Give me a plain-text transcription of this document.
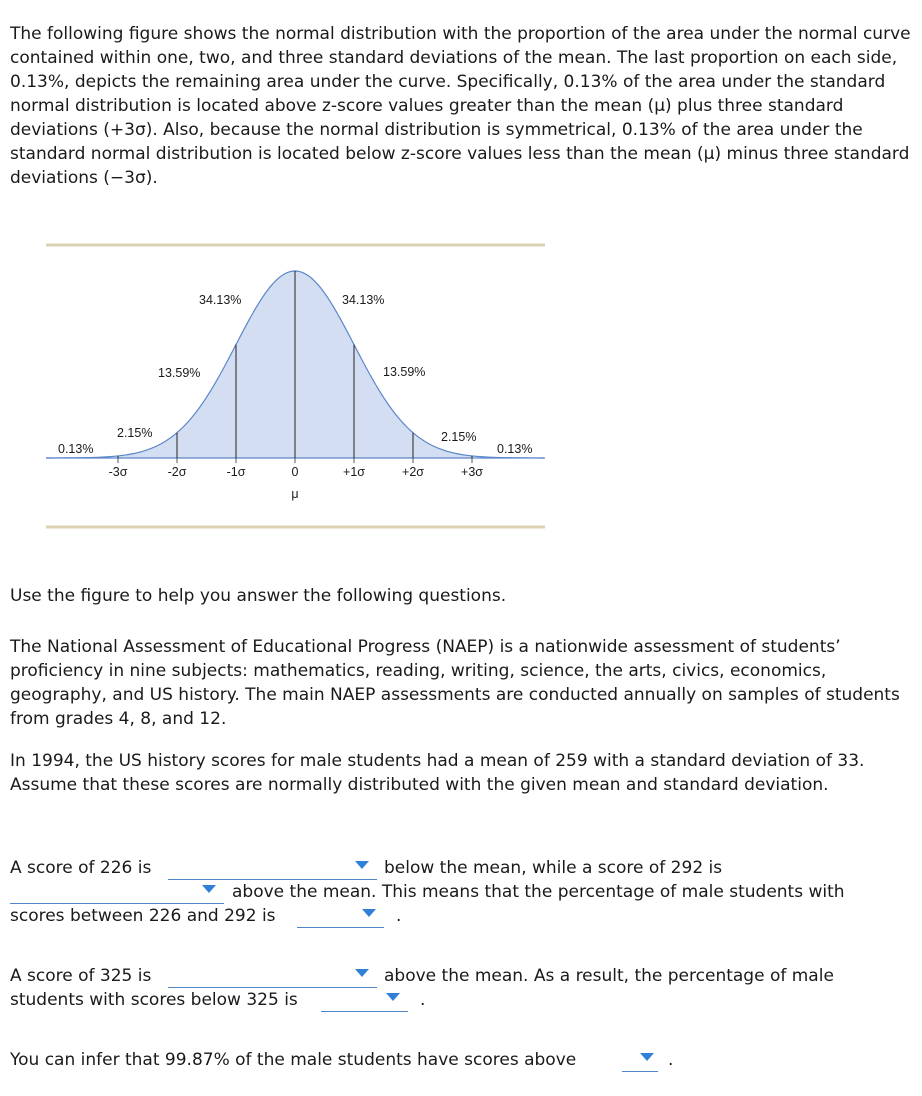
The following figure shows the normal distribution with the proportion of the area under the normal curve contained within one, two, and three standard deviations of the mean. The last proportion on each side, 0.13%, depicts the remaining area under the curve. Specifically, 0.13% of the area under the standard normal distribution is located above z-score values greater than the mean (μ) plus three standard deviations (+3σ). Also, because the normal distribution is symmetrical, 0.13% of the area under the standard normal distribution is located below z-score values less than the mean (μ) minus three standard deviations (−3σ).

0.13%
2.15%
13.59%
34.13%	34.13%
13.59%
2.15%
0.13%
-3σ	-2σ	-1σ	0	+1σ	+2σ	+3σ
μ

Use the figure to help you answer the following questions.

The National Assessment of Educational Progress (NAEP) is a nationwide assessment of students’ proficiency in nine subjects: mathematics, reading, writing, science, the arts, civics, economics, geography, and US history. The main NAEP assessments are conducted annually on samples of students from grades 4, 8, and 12.

In 1994, the US history scores for male students had a mean of 259 with a standard deviation of 33. Assume that these scores are normally distributed with the given mean and standard deviation.

A score of 226 is	below the mean, while a score of 292 is
above the mean. This means that the percentage of male students with
scores between 226 and 292 is	.
A score of 325 is	above the mean. As a result, the percentage of male
students with scores below 325 is	.
You can infer that 99.87% of the male students have scores above	.
